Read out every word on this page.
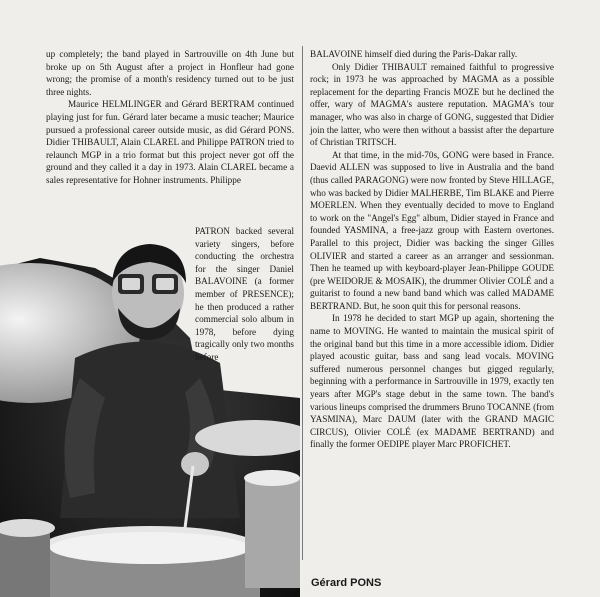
up completely; the band played in Sartrouville on 4th June but broke up on 5th August after a project in Honfleur had gone wrong; the promise of a month's residency turned out to be just three nights.

Maurice HELMLINGER and Gérard BERTRAM continued playing just for fun. Gérard later became a music teacher; Maurice pursued a professional career outside music, as did Gérard PONS. Didier THIBAULT, Alain CLAREL and Philippe PATRON tried to relaunch MGP in a trio format but this project never got off the ground and they called it a day in 1973. Alain CLAREL became a sales representative for Hohner instruments. Philippe

PATRON backed several variety singers, before conducting the orchestra for the singer Daniel BALAVOINE (a former member of PRESENCE); he then produced a rather commercial solo album in 1978, before dying tragically only two months before

BALAVOINE himself died during the Paris-Dakar rally.

Only Didier THIBAULT remained faithful to progressive rock; in 1973 he was approached by MAGMA as a possible replacement for the departing Francis MOZE but he declined the offer, wary of MAGMA's austere reputation. MAGMA's tour manager, who was also in charge of GONG, suggested that Didier join the latter, who were then without a bassist after the departure of Christian TRITSCH.

At that time, in the mid-70s, GONG were based in France. Daevid ALLEN was supposed to live in Australia and the band (thus called PARAGONG) were now fronted by Steve HILLAGE, who was backed by Didier MALHERBE, Tim BLAKE and Pierre MOERLEN. When they eventually decided to move to England to work on the "Angel's Egg" album, Didier stayed in France and founded YASMINA, a free-jazz group with Eastern overtones. Parallel to this project, Didier was backing the singer Gilles OLIVIER and started a career as an arranger and sessionman. Then he teamed up with keyboard-player Jean-Philippe GOUDE (pre WEIDORJE & MOSAIK), the drummer Olivier COLÉ and a guitarist to found a new band band which was called MADAME BERTRAND. But, he soon quit this for personal reasons.

In 1978 he decided to start MGP up again, shortening the name to MOVING. He wanted to maintain the musical spirit of the original band but this time in a more accessible idiom. Didier played acoustic guitar, bass and sang lead vocals. MOVING suffered numerous personnel changes but gigged regularly, beginning with a performance in Sartrouville in 1979, exactly ten years after MGP's stage debut in the same town. The band's various lineups comprised the drummers Bruno TOCANNE (from YASMINA), Marc DAUM (later with the GRAND MAGIC CIRCUS), Olivier COLÉ (ex MADAME BERTRAND) and finally the former OEDIPE player Marc PROFICHET.

Gérard PONS
